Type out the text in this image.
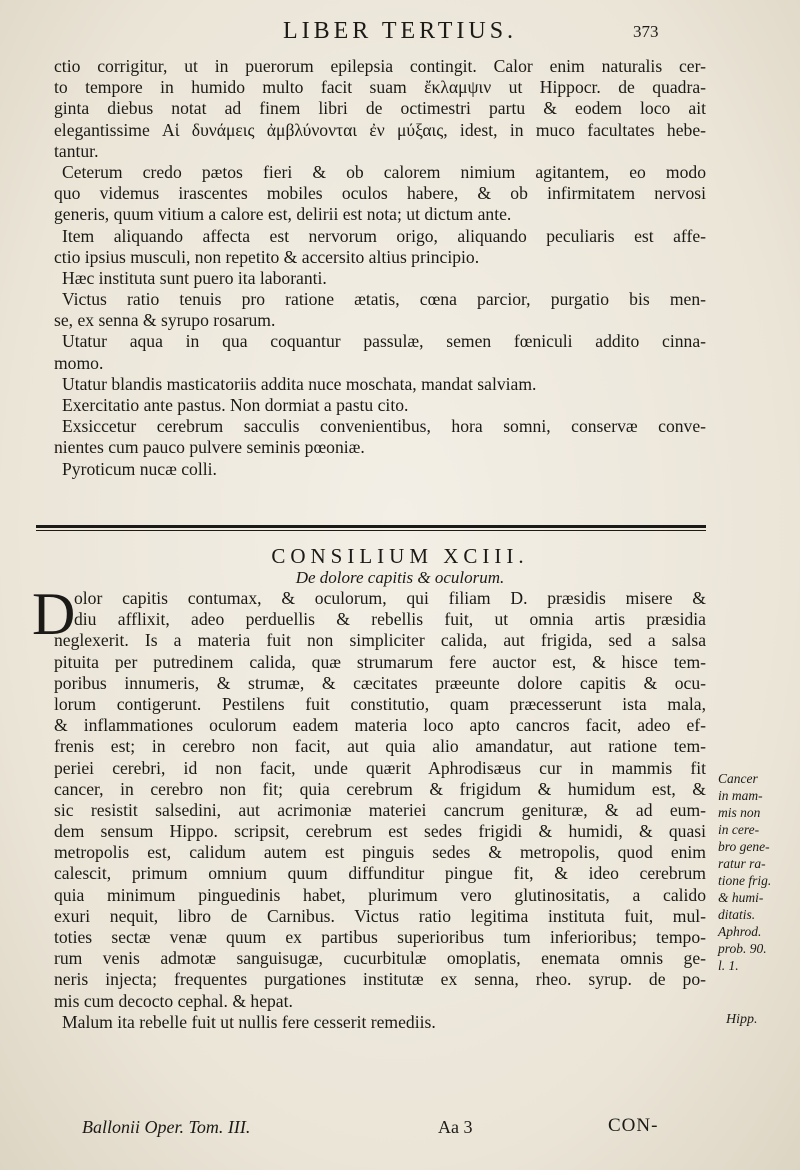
LIBER TERTIUS.	373
ctio corrigitur, ut in puerorum epilepsia contingit. Calor enim naturalis cer-
to tempore in humido multo facit suam ἔκλαμψιν ut Hippocr. de quadra-
ginta diebus notat ad finem libri de octimestri partu & eodem loco ait
elegantissime Αἱ δυνάμεις ἀμβλύνονται ἐν μύξαις, idest, in muco facultates hebe-
tantur.
Ceterum credo pætos fieri & ob calorem nimium agitantem, eo modo
quo videmus irascentes mobiles oculos habere, & ob infirmitatem nervosi
generis, quum vitium a calore est, delirii est nota; ut dictum ante.
Item aliquando affecta est nervorum origo, aliquando peculiaris est affe-
ctio ipsius musculi, non repetito & accersito altius principio.
Hæc instituta sunt puero ita laboranti.
Victus ratio tenuis pro ratione ætatis, cœna parcior, purgatio bis men-
se, ex senna & syrupo rosarum.
Utatur aqua in qua coquantur passulæ, semen fœniculi addito cinna-
momo.
Utatur blandis masticatoriis addita nuce moschata, mandat salviam.
Exercitatio ante pastus. Non dormiat a pastu cito.
Exsiccetur cerebrum sacculis convenientibus, hora somni, conservæ conve-
nientes cum pauco pulvere seminis pœoniæ.
Pyroticum nucæ colli.
CONSILIUM XCIII.
De dolore capitis & oculorum.
D
olor capitis contumax, & oculorum, qui filiam D. præsidis misere &
diu afflixit, adeo perduellis & rebellis fuit, ut omnia artis præsidia
neglexerit. Is a materia fuit non simpliciter calida, aut frigida, sed a salsa
pituita per putredinem calida, quæ strumarum fere auctor est, & hisce tem-
poribus innumeris, & strumæ, & cæcitates præeunte dolore capitis & ocu-
lorum contigerunt. Pestilens fuit constitutio, quam præcesserunt ista mala,
& inflammationes oculorum eadem materia loco apto cancros facit, adeo ef-
frenis est; in cerebro non facit, aut quia alio amandatur, aut ratione tem-
periei cerebri, id non facit, unde quærit Aphrodisæus cur in mammis fit
cancer, in cerebro non fit; quia cerebrum & frigidum & humidum est, &
sic resistit salsedini, aut acrimoniæ materiei cancrum genituræ, & ad eum-
dem sensum Hippo. scripsit, cerebrum est sedes frigidi & humidi, & quasi
metropolis est, calidum autem est pinguis sedes & metropolis, quod enim
calescit, primum omnium quum diffunditur pingue fit, & ideo cerebrum
quia minimum pinguedinis habet, plurimum vero glutinositatis, a calido
exuri nequit, libro de Carnibus. Victus ratio legitima instituta fuit, mul-
toties sectæ venæ quum ex partibus superioribus tum inferioribus; tempo-
rum venis admotæ sanguisugæ, cucurbitulæ omoplatis, enemata omnis ge-
neris injecta; frequentes purgationes institutæ ex senna, rheo. syrup. de po-
mis cum decocto cephal. & hepat.
Malum ita rebelle fuit ut nullis fere cesserit remediis.
Cancer
in mam-
mis non
in cere-
bro gene-
ratur ra-
tione frig.
& humi-
ditatis.
Aphrod.
prob. 90.
l. 1.
Hipp.
Ballonii Oper. Tom. III.	Aa 3	CON-
